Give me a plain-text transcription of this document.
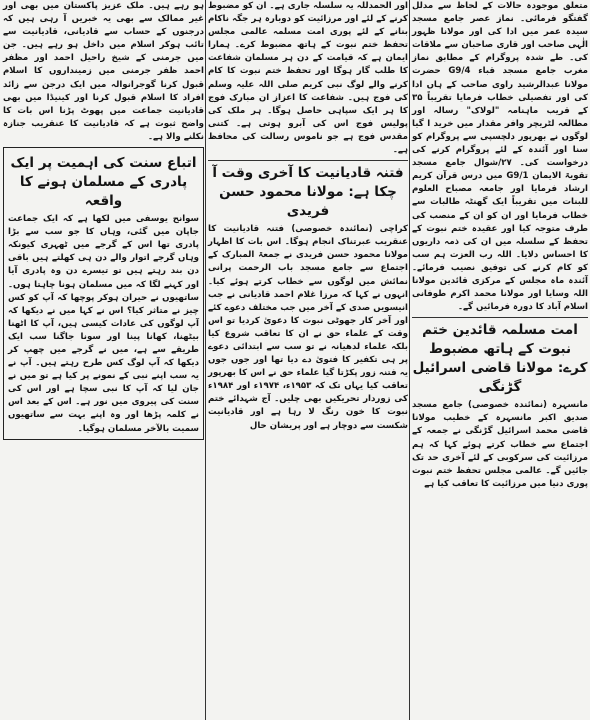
متعلق موجودہ حالات کے لحاظ سے مدلل گفتگو فرمائی۔ نماز عصر جامع مسجد سیدہ عمر میں ادا کی اور مولانا ظہور الٰہی صاحب اور قاری صاحبان سے ملاقات کی۔ طے شدہ پروگرام کے مطابق نماز مغرب جامع مسجد قباء G9/4 حضرت مولانا عبدالرشید راوی صاحب کے ہاں ادا کی اور تفصیلی خطاب فرمایا تقریباً ۳۵ کے قریب ماہنامہ "لولاک" رسالہ اور مطالعہ لٹریچر وافر مقدار میں خرید ا گیا لوگوں نے بھرپور دلچسپی سے پروگرام کو سنا اور آئندہ کے لئے پروگرام کرنے کی درخواست کی۔ ۲۷/شوال جامع مسجد تقویۃ الایمان G9/1 میں درس قرآن کریم ارشاد فرمایا اور جامعہ مصباح العلوم للبنات میں تقریباً ایک گھنٹہ طالبات سے خطاب فرمایا اور ان کو ان کے منصب کی طرف متوجہ کیا اور عقیدہ ختم نبوت کے تحفظ کے سلسلہ میں ان کی ذمہ داریوں کا احساس دلایا۔ اللہ رب العزت ہم سب کو کام کرنے کی توفیق نصیب فرمائے۔ آئندہ ماہ مجلس کے مرکزی قائدین مولانا اللہ وسایا اور مولانا محمد اکرم طوفانی اسلام آباد کا دورہ فرمائیں گے۔

امت مسلمہ قائدین ختم نبوت کے ہاتھ مضبوط کرے: مولانا قاضی اسرائیل گڑنگی

مانسہرہ (نمائندہ خصوصی) جامع مسجد صدیق اکبر مانسہرہ کے خطیب مولانا قاضی محمد اسرائیل گڑنگی نے جمعہ کے اجتماع سے خطاب کرتے ہوئے کہا کہ ہم مرزائیت کی سرکوبی کے لئے آخری حد تک جائیں گے۔ عالمی مجلس تحفظ ختم نبوت پوری دنیا میں مرزائیت کا تعاقب کیا ہے

اور الحمدللہ یہ سلسلہ جاری ہے۔ ان کو مضبوط کرنے کے لئے اور مرزائیت کو دوبارہ ہر جگہ ناکام بنانے کے لئے پوری امت مسلمہ عالمی مجلس تحفظ ختم نبوت کے ہاتھ مضبوط کرے۔ ہمارا ایمان ہے کہ قیامت کے دن ہر مسلمان شفاعت کا طلب گار ہوگا اور تحفظ ختم نبوت کا کام کرنے والے لوگ نبی کریم صلی اللہ علیہ وسلم کی فوج ہیں۔ شفاعت کا اعزاز ان مبارک فوج کا ہر ایک سپاہی حاصل ہوگا۔ ہر ملک کی پولیس فوج اس کی آبرو ہوتی ہے۔ کتنی مقدس فوج ہے جو ناموس رسالت کی محافظ ہے۔

فتنہ قادیانیت کا آخری وقت آ چکا ہے: مولانا محمود حسن فریدی

کراچی (نمائندہ خصوصی) فتنہ قادیانیت کا عنقریب عبرتناک انجام ہوگا۔ اس بات کا اظہار مولانا محمود حسن فریدی نے جمعۃ المبارک کے اجتماع سے جامع مسجد باب الرحمت پرانی نمائش میں لوگوں سے خطاب کرتے ہوئے کیا۔ انہوں نے کہا کہ مرزا غلام احمد قادیانی نے جب انیسویں صدی کے آخر میں جب مختلف دعوے کئے اور آخر کار جھوٹی نبوت کا دعویٰ کردیا تو اس وقت کے علماء حق نے ان کا تعاقب شروع کیا بلکہ علماء لدھیانہ نے تو سب سے ابتدائی دعوے پر ہی تکفیر کا فتویٰ دے دیا تھا اور جوں جوں یہ فتنہ زور پکڑتا گیا علماء حق نے اس کا بھرپور تعاقب کیا یہاں تک کہ ۱۹۵۳ء، ۱۹۷۴ء اور ۱۹۸۴ء کی زوردار تحریکیں بھی چلیں۔ آج شہدائے ختم نبوت کا خون رنگ لا رہا ہے اور قادیانیت شکست سے دوچار ہے اور پریشان حال

ہو رہے ہیں۔ ملک عزیز پاکستان میں بھی اور غیر ممالک سے بھی یہ خبریں آ رہی ہیں کہ درجنوں کے حساب سے قادیانی، قادیانیت سے تائب ہوکر اسلام میں داخل ہو رہے ہیں۔ جن میں جرمنی کے شیخ راحیل احمد اور مظفر احمد ظفر جرمنی میں زمینداروں کا اسلام قبول کرنا گوجرانوالہ میں ایک درجن سے زائد افراد کا اسلام قبول کرنا اور کینیڈا میں بھی قادیانیت جماعت میں پھوٹ پڑنا اس بات کا واضح ثبوت ہے کہ قادیانیت کا عنقریب جنازہ نکلنے والا ہے۔

اتباع سنت کی اہمیت پر ایک پادری کے مسلمان ہونے کا واقعہ

سوانح یوسفی میں لکھا ہے کہ ایک جماعت جاپان میں گئی، وہاں کا جو سب سے بڑا پادری تھا اس کے گرجے میں ٹھہری کیونکہ وہاں گرجے اتوار والے دن ہی کھلتے ہیں باقی دن بند رہتے ہیں تو تیسرے دن وہ پادری آیا اور کہنے لگا کہ میں مسلمان ہونا چاہتا ہوں۔ ساتھیوں نے حیران ہوکر پوچھا کہ آپ کو کس چیز نے متاثر کیا؟ اس نے کہا میں نے دیکھا کہ آپ لوگوں کی عادات کیسی ہیں، آپ کا اٹھنا بیٹھنا، کھانا پینا اور سونا جاگنا سب ایک طریقے سے ہے، میں نے گرجے میں چھپ کر دیکھا کہ آپ لوگ کس طرح رہتے ہیں۔ آپ نے یہ سب اپنے نبی کے نمونے پر کیا ہے تو میں نے جان لیا کہ آپ کا نبی سچا ہے اور اس کی سنت کی پیروی میں نور ہے۔ اس کے بعد اس نے کلمہ پڑھا اور وہ اپنے بہت سے ساتھیوں سمیت بالآخر مسلمان ہوگیا۔
